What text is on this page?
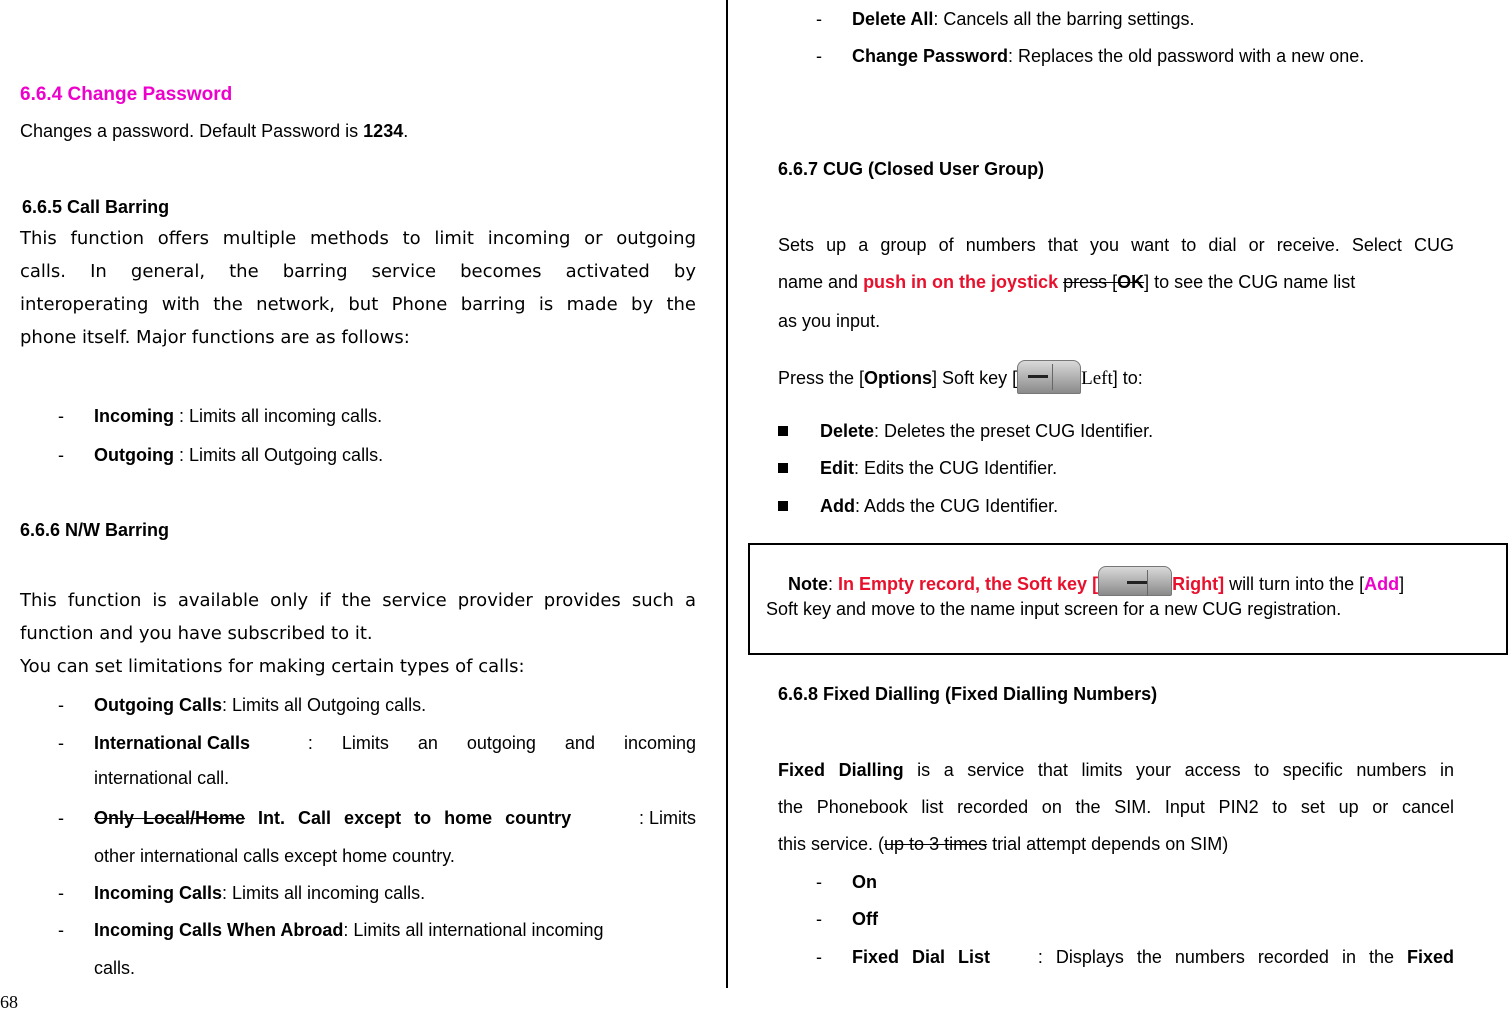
6.6.4 Change Password
Changes a password. Default Password is 1234.
6.6.5 Call Barring
This function offers multiple methods to limit incoming or outgoing
calls. In general, the barring service becomes activated by
interoperating with the network, but Phone barring is made by the
phone itself. Major functions are as follows:
- Incoming : Limits all incoming calls.
- Outgoing : Limits all Outgoing calls.
6.6.6 N/W Barring
This function is available only if the service provider provides such a
function and you have subscribed to it.
You can set limitations for making certain types of calls:
- Outgoing Calls: Limits all Outgoing calls.
- International Calls	: Limits an outgoing and incoming
international call.
- Only Local/Home Int. Call except to home country	: Limits
other international calls except home country.
- Incoming Calls: Limits all incoming calls.
- Incoming Calls When Abroad: Limits all international incoming
calls.
- Delete All: Cancels all the barring settings.
- Change Password: Replaces the old password with a new one.
6.6.7 CUG (Closed User Group)
Sets up a group of numbers that you want to dial or receive. Select CUG
name and push in on the joystick press [OK] to see the CUG name list
as you input.
Press the [Options] Soft key [	Left] to:
Delete: Deletes the preset CUG Identifier.
Edit: Edits the CUG Identifier.
Add: Adds the CUG Identifier.
Note: In Empty record, the Soft key [	Right] will turn into the [Add]
Soft key and move to the name input screen for a new CUG registration.
6.6.8 Fixed Dialling (Fixed Dialling Numbers)
Fixed Dialling is a service that limits your access to specific numbers in
the Phonebook list recorded on the SIM. Input PIN2 to set up or cancel
this service. (up to 3 times trial attempt depends on SIM)
- On
- Off
- Fixed Dial List	: Displays the numbers recorded in the Fixed
68
